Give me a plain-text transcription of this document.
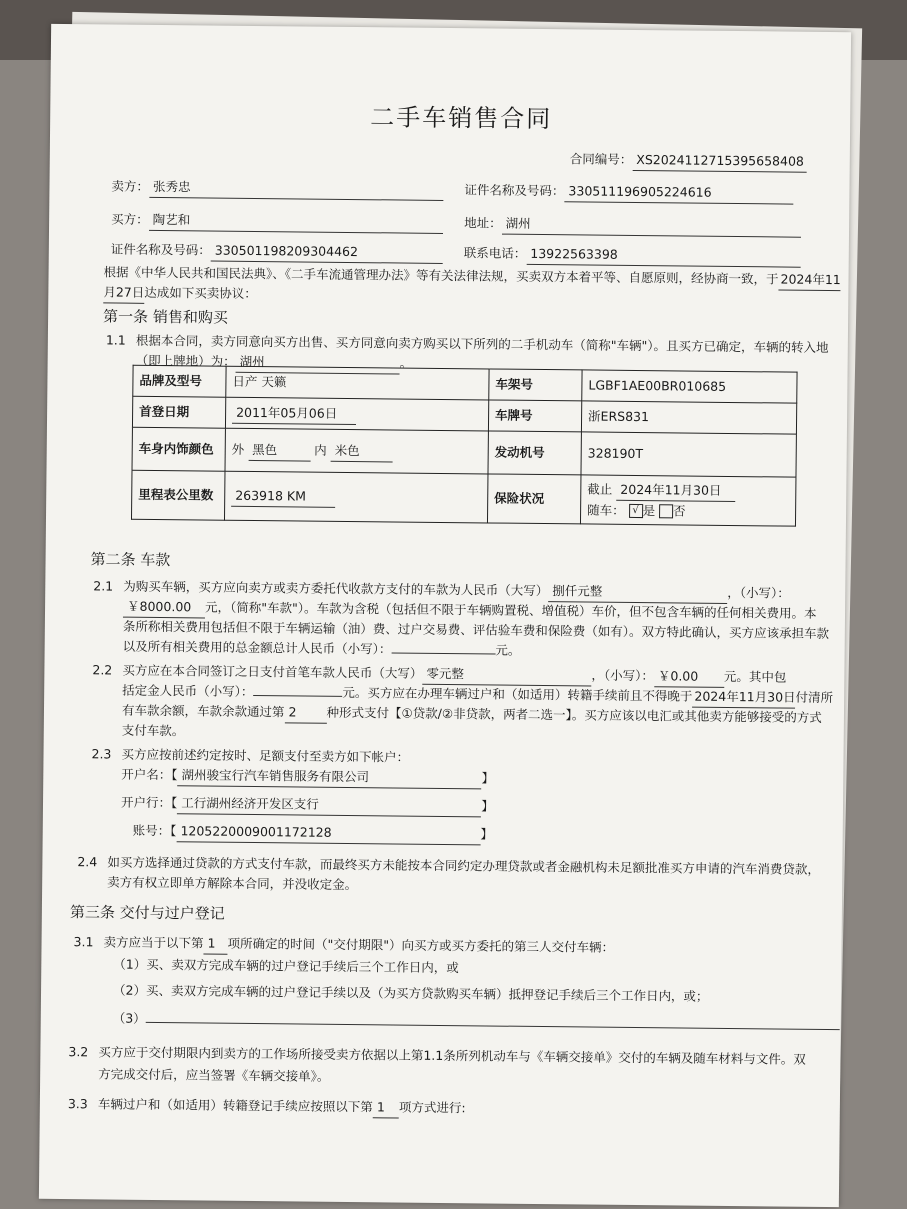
二手车销售合同
合同编号： XS2024112715395658408
卖方： 张秀忠	证件名称及号码： 330511196905224616
买方： 陶艺和	地址： 湖州
证件名称及号码： 330501198209304462	联系电话： 13922563398
根据《中华人民共和国民法典》、《二手车流通管理办法》等有关法律法规，买卖双方本着平等、自愿原则，经协商一致，于 2024年11
月27日达成如下买卖协议：
第一条 销售和购买
1.1 根据本合同，卖方同意向买方出售、买方同意向卖方购买以下所列的二手机动车（简称"车辆"）。且买方已确定，车辆的转入地
（即上牌地）为： 湖州	。
品牌及型号	日产 天籁	车架号	LGBF1AE00BR010685
首登日期	2011年05月06日	车牌号	浙ERS831
车身内饰颜色	外 黑色 内 米色	发动机号	328190T
里程表公里数	263918 KM	保险状况	截止 2024年11月30日
随车： √ 是 否
第二条 车款
2.1 为购买车辆，买方应向卖方或卖方委托代收款方支付的车款为人民币（大写） 捌仟元整	，（小写）：
￥8000.00 元，（简称"车款"）。车款为含税（包括但不限于车辆购置税、增值税）车价，但不包含车辆的任何相关费用。本
条所称相关费用包括但不限于车辆运输（油）费、过户交易费、评估验车费和保险费（如有）。双方特此确认，买方应该承担车款
以及所有相关费用的总金额总计人民币（小写）：	元。
2.2 买方应在本合同签订之日支付首笔车款人民币（大写） 零元整	，（小写）： ￥0.00 元。其中包
括定金人民币（小写）：	元。买方应在办理车辆过户和（如适用）转籍手续前且不得晚于 2024年11月30日付清所
有车款余额，车款余款通过第 2 种形式支付【①贷款/②非贷款，两者二选一】。买方应该以电汇或其他卖方能够接受的方式
支付车款。
2.3 买方应按前述约定按时、足额支付至卖方如下帐户：
开户名：【 湖州骏宝行汽车销售服务有限公司	】
开户行：【 工行湖州经济开发区支行	】
账号：【 1205220009001172128	】
2.4 如买方选择通过贷款的方式支付车款，而最终买方未能按本合同约定办理贷款或者金融机构未足额批准买方申请的汽车消费贷款，
卖方有权立即单方解除本合同，并没收定金。
第三条 交付与过户登记
3.1 卖方应当于以下第 1 项所确定的时间（"交付期限"）向买方或买方委托的第三人交付车辆：
（1）买、卖双方完成车辆的过户登记手续后三个工作日内，或
（2）买、卖双方完成车辆的过户登记手续以及（为买方贷款购买车辆）抵押登记手续后三个工作日内，或；
（3）
3.2 买方应于交付期限内到卖方的工作场所接受卖方依据以上第1.1条所列机动车与《车辆交接单》交付的车辆及随车材料与文件。双
方完成交付后，应当签署《车辆交接单》。
3.3 车辆过户和（如适用）转籍登记手续应按照以下第 1 项方式进行:
